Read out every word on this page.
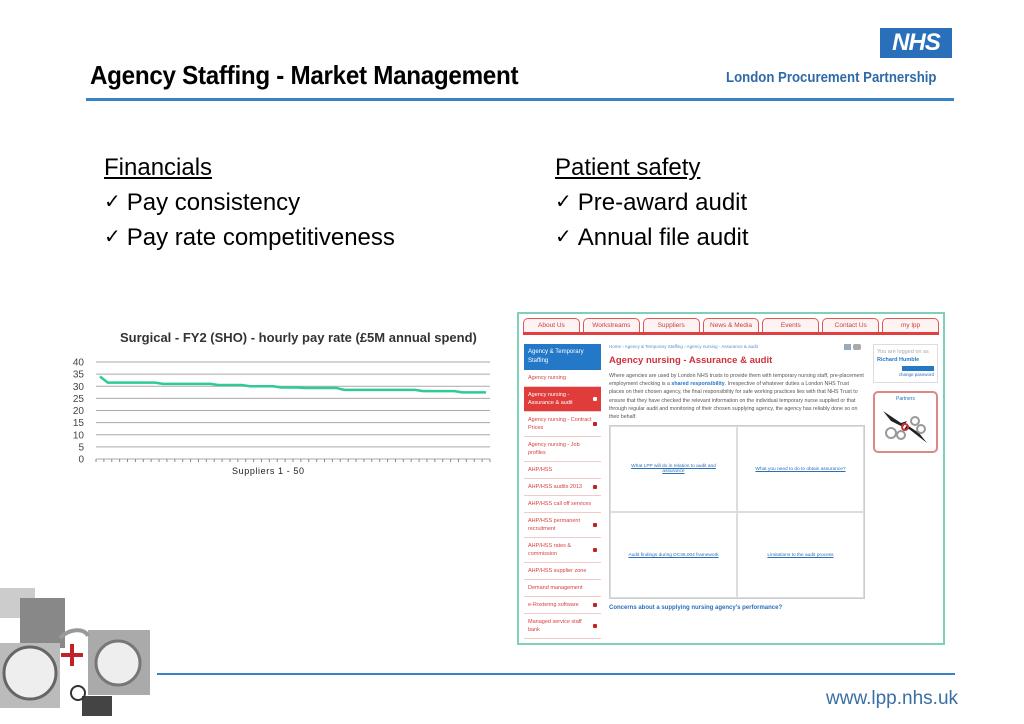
Agency Staffing - Market Management
NHS
London Procurement Partnership
Financials
✓ Pay consistency
✓ Pay rate competitiveness
Patient safety
✓ Pre-award audit
✓ Annual file audit
Surgical - FY2 (SHO) - hourly pay rate (£5M annual spend)
0
5
10
15
20
25
30
35
40
Suppliers 1 - 50
About Us	Workstreams	Suppliers	News & Media	Events	Contact Us	my lpp
Agency & Temporary Staffing
Agency nursing
Agency nursing - Assurance & audit
Agency nursing - Contract Prices
Agency nursing - Job profiles
AHP/HSS
AHP/HSS audits 2013
AHP/HSS call off services
AHP/HSS permanent recruitment
AHP/HSS rates & commission
AHP/HSS supplier zone
Demand management
e-Rostering software
Managed service staff bank
Home › Agency & Temporary Staffing › Agency nursing - Assurance & audit
Agency nursing - Assurance & audit
Where agencies are used by London NHS trusts to provide them with temporary nursing staff, pre-placement employment checking is a shared responsibility. Irrespective of whatever duties a London NHS Trust places on their chosen agency, the final responsibility for safe working practices lies with that NHS Trust to ensure that they have checked the relevant information on the individual temporary nurse supplied or that through regular audit and monitoring of their chosen supplying agency, the agency has reliably done so on their behalf.
What LPP will do in relation to audit and assurance	What you need to do to obtain assurance?
Audit findings during DC36,004 framework	Limitations to the audit process
Concerns about a supplying nursing agency's performance?
You are logged on as Richard Humble
change password
Partners
www.lpp.nhs.uk
